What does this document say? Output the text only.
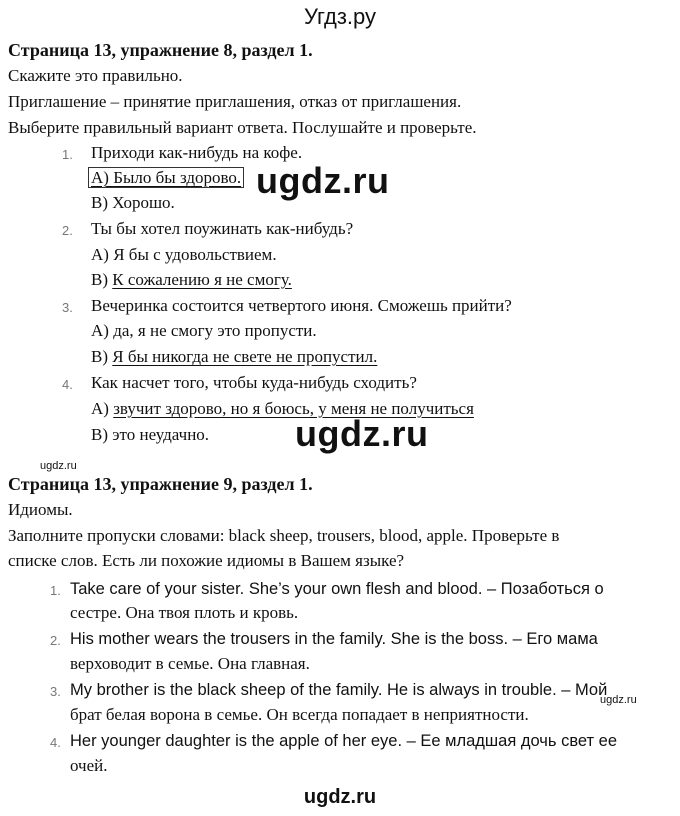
Угдз.ру
Страница 13, упражнение 8, раздел 1.
Скажите это правильно.
Приглашение – принятие приглашения, отказ от приглашения.
Выберите правильный вариант ответа. Послушайте и проверьте.
1. Приходи как-нибудь на кофе.
А) Было бы здорово.
В) Хорошо.
2. Ты бы хотел поужинать как-нибудь?
А) Я бы с удовольствием.
В) К сожалению я не смогу.
3. Вечеринка состоится четвертого июня. Сможешь прийти?
А) да, я не смогу это пропусти.
В) Я бы никогда не свете не пропустил.
4. Как насчет того, чтобы куда-нибудь сходить?
А) звучит здорово, но я боюсь, у меня не получиться
В) это неудачно.
ugdz.ru
ugdz.ru
ugdz.ru
ugdz.ru
Страница 13, упражнение 9, раздел 1.
Идиомы.
Заполните пропуски словами: black sheep, trousers, blood, apple. Проверьте в
списке слов. Есть ли похожие идиомы в Вашем языке?
1. Take care of your sister. She’s your own flesh and blood. – Позаботься о
сестре. Она твоя плоть и кровь.
2. His mother wears the trousers in the family. She is the boss. – Его мама
верховодит в семье. Она главная.
3. My brother is the black sheep of the family. He is always in trouble. – Мой
брат белая ворона в семье. Он всегда попадает в неприятности.
4. Her younger daughter is the apple of her eye. – Ее младшая дочь свет ее
очей.
ugdz.ru
